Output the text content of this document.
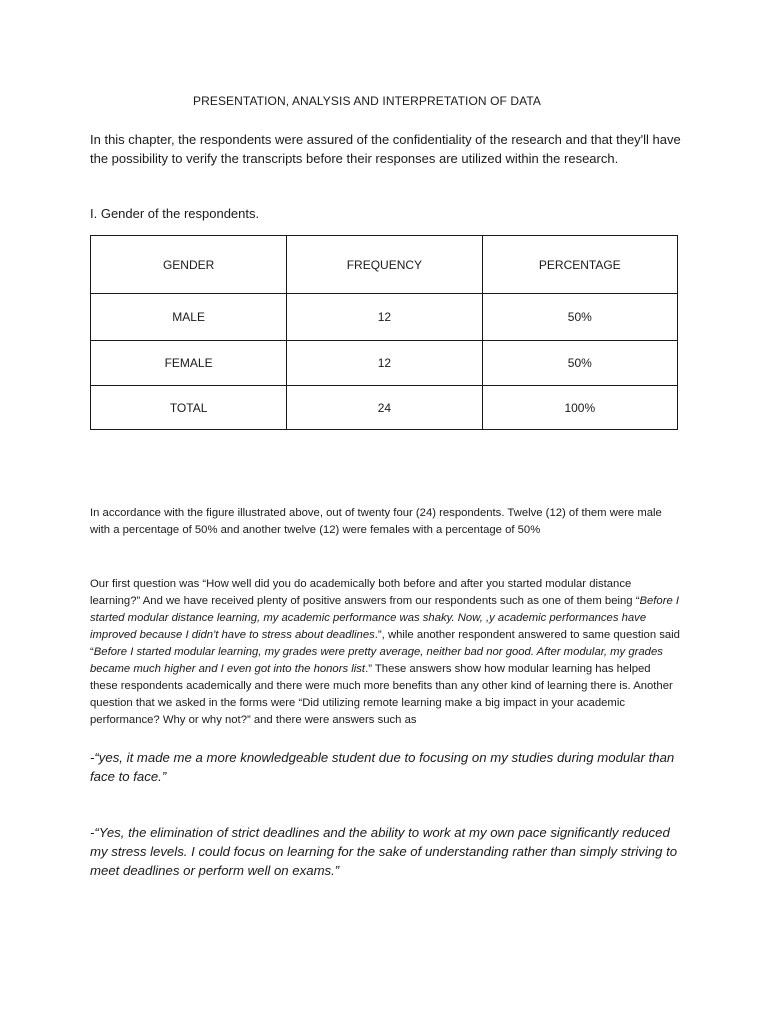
PRESENTATION, ANALYSIS AND INTERPRETATION OF DATA

In this chapter, the respondents were assured of the confidentiality of the research and that they'll have the possibility to verify the transcripts before their responses are utilized within the research.

I. Gender of the respondents.
GENDER	FREQUENCY	PERCENTAGE
MALE	12	50%
FEMALE	12	50%
TOTAL	24	100%

In accordance with the figure illustrated above, out of twenty four (24) respondents. Twelve (12) of them were male with a percentage of 50% and another twelve (12) were females with a percentage of 50%

Our first question was “How well did you do academically both before and after you started modular distance learning?” And we have received plenty of positive answers from our respondents such as one of them being “Before I started modular distance learning, my academic performance was shaky. Now, ,y academic performances have improved because I didn't have to stress about deadlines.”, while another respondent answered to same question said “Before I started modular learning, my grades were pretty average, neither bad nor good. After modular, my grades became much higher and I even got into the honors list.” These answers show how modular learning has helped these respondents academically and there were much more benefits than any other kind of learning there is. Another question that we asked in the forms were “Did utilizing remote learning make a big impact in your academic performance? Why or why not?” and there were answers such as

-“yes, it made me a more knowledgeable student due to focusing on my studies during modular than face to face.”

-“Yes, the elimination of strict deadlines and the ability to work at my own pace significantly reduced my stress levels. I could focus on learning for the sake of understanding rather than simply striving to meet deadlines or perform well on exams.”
